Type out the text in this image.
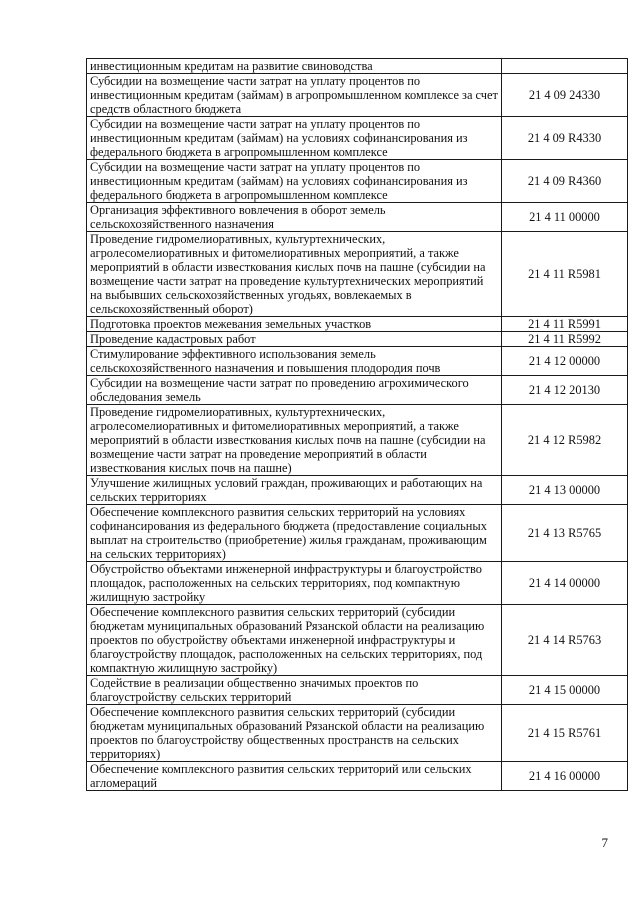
инвестиционным кредитам на развитие свиноводства	
Субсидии на возмещение части затрат на уплату процентов по инвестиционным кредитам (займам) в агропромышленном комплексе за счет средств областного бюджета	21 4 09 24330
Субсидии на возмещение части затрат на уплату процентов по инвестиционным кредитам (займам) на условиях софинансирования из федерального бюджета в агропромышленном комплексе	21 4 09 R4330
Субсидии на возмещение части затрат на уплату процентов по инвестиционным кредитам (займам) на условиях софинансирования из федерального бюджета в агропромышленном комплексе	21 4 09 R4360
Организация эффективного вовлечения в оборот земель сельскохозяйственного назначения	21 4 11 00000
Проведение гидромелиоративных, культуртехнических, агролесомелиоративных и фитомелиоративных мероприятий, а также мероприятий в области известкования кислых почв на пашне (субсидии на возмещение части затрат на проведение культуртехнических мероприятий на выбывших сельскохозяйственных угодьях, вовлекаемых в сельскохозяйственный оборот)	21 4 11 R5981
Подготовка проектов межевания земельных участков	21 4 11 R5991
Проведение кадастровых работ	21 4 11 R5992
Стимулирование эффективного использования земель сельскохозяйственного назначения и повышения плодородия почв	21 4 12 00000
Субсидии на возмещение части затрат по проведению агрохимического обследования земель	21 4 12 20130
Проведение гидромелиоративных, культуртехнических, агролесомелиоративных и фитомелиоративных мероприятий, а также мероприятий в области известкования кислых почв на пашне (субсидии на возмещение части затрат на проведение мероприятий в области известкования кислых почв на пашне)	21 4 12 R5982
Улучшение жилищных условий граждан, проживающих и работающих на сельских территориях	21 4 13 00000
Обеспечение комплексного развития сельских территорий на условиях софинансирования из федерального бюджета (предоставление социальных выплат на строительство (приобретение) жилья гражданам, проживающим на сельских территориях)	21 4 13 R5765
Обустройство объектами инженерной инфраструктуры и благоустройство площадок, расположенных на сельских территориях, под компактную жилищную застройку	21 4 14 00000
Обеспечение комплексного развития сельских территорий (субсидии бюджетам муниципальных образований Рязанской области на реализацию проектов по обустройству объектами инженерной инфраструктуры и благоустройству площадок, расположенных на сельских территориях, под компактную жилищную застройку)	21 4 14 R5763
Содействие в реализации общественно значимых проектов по благоустройству сельских территорий	21 4 15 00000
Обеспечение комплексного развития сельских территорий (субсидии бюджетам муниципальных образований Рязанской области на реализацию проектов по благоустройству общественных пространств на сельских территориях)	21 4 15 R5761
Обеспечение комплексного развития сельских территорий или сельских агломераций	21 4 16 00000
7
